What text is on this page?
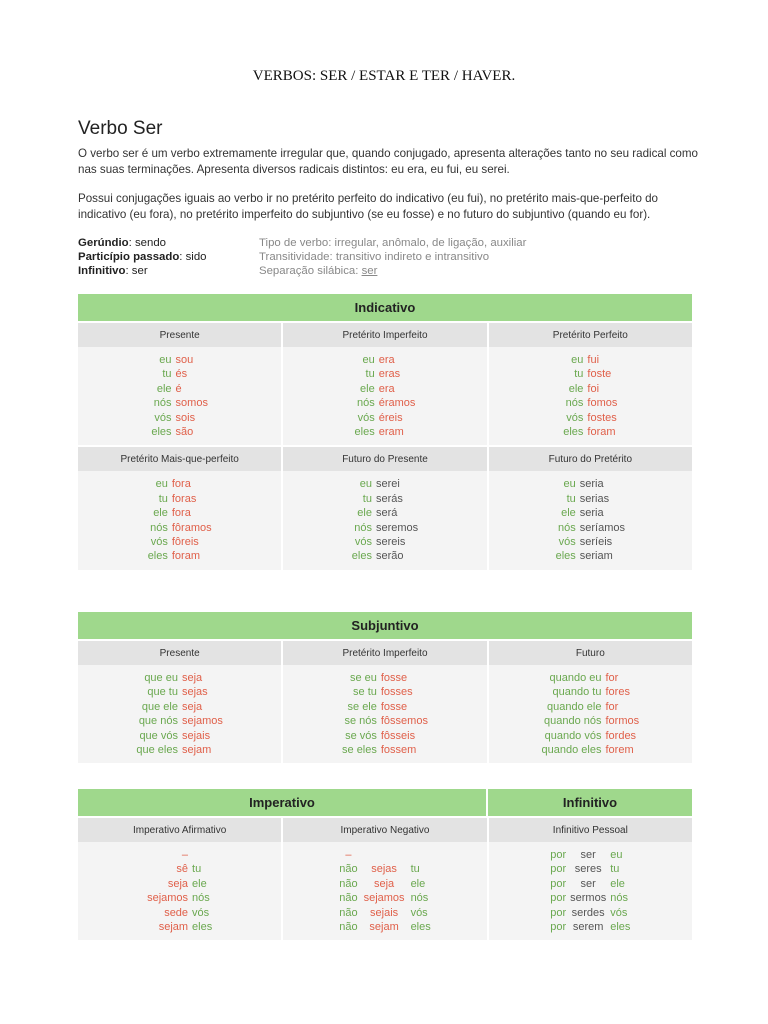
VERBOS: SER / ESTAR E TER / HAVER.
Verbo Ser
O verbo ser é um verbo extremamente irregular que, quando conjugado, apresenta alterações tanto no seu radical como nas suas terminações. Apresenta diversos radicais distintos: eu era, eu fui, eu serei.
Possui conjugações iguais ao verbo ir no pretérito perfeito do indicativo (eu fui), no pretérito mais-que-perfeito do indicativo (eu fora), no pretérito imperfeito do subjuntivo (se eu fosse) e no futuro do subjuntivo (quando eu for).
Gerúndio: sendo
Particípio passado: sido
Infinitivo: ser
Tipo de verbo: irregular, anômalo, de ligação, auxiliar
Transitividade: transitivo indireto e intransitivo
Separação silábica: ser
Indicativo
Presente
eu sou
tu és
ele é
nós somos
vós sois
eles são
Pretérito Imperfeito
eu era
tu eras
ele era
nós éramos
vós éreis
eles eram
Pretérito Perfeito
eu fui
tu foste
ele foi
nós fomos
vós fostes
eles foram
Pretérito Mais-que-perfeito
eu fora
tu foras
ele fora
nós fôramos
vós fôreis
eles foram
Futuro do Presente
eu serei
tu serás
ele será
nós seremos
vós sereis
eles serão
Futuro do Pretérito
eu seria
tu serias
ele seria
nós seríamos
vós seríeis
eles seriam
Subjuntivo
Presente
que eu seja
que tu sejas
que ele seja
que nós sejamos
que vós sejais
que eles sejam
Pretérito Imperfeito
se eu fosse
se tu fosses
se ele fosse
se nós fôssemos
se vós fôsseis
se eles fossem
Futuro
quando eu for
quando tu fores
quando ele for
quando nós formos
quando vós fordes
quando eles forem
Imperativo	Infinitivo
Imperativo Afirmativo
–
sê tu
seja ele
sejamos nós
sede vós
sejam eles
Imperativo Negativo
–
não	sejas	tu
não	seja	ele
não sejamos nós
não	sejais	vós
não	sejam	eles
Infinitivo Pessoal
por	ser	eu
por seres tu
por	ser	ele
por sermos nós
por serdes vós
por serem eles
